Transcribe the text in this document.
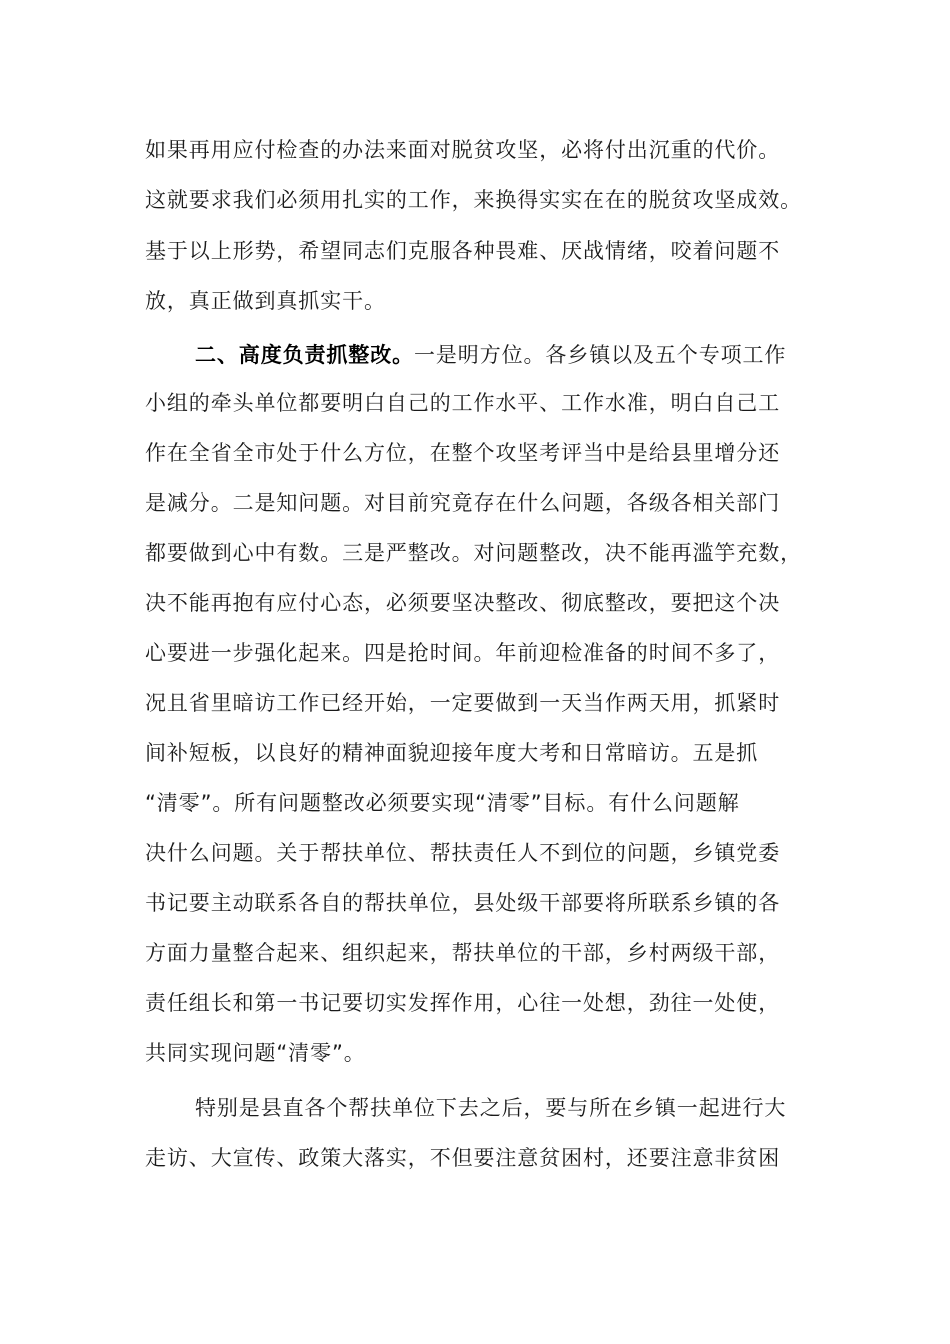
如果再用应付检查的办法来面对脱贫攻坚，必将付出沉重的代价。
这就要求我们必须用扎实的工作，来换得实实在在的脱贫攻坚成效。
基于以上形势，希望同志们克服各种畏难、厌战情绪，咬着问题不
放，真正做到真抓实干。
二、高度负责抓整改。一是明方位。各乡镇以及五个专项工作
小组的牵头单位都要明白自己的工作水平、工作水准，明白自己工
作在全省全市处于什么方位，在整个攻坚考评当中是给县里增分还
是减分。二是知问题。对目前究竟存在什么问题，各级各相关部门
都要做到心中有数。三是严整改。对问题整改，决不能再滥竽充数，
决不能再抱有应付心态，必须要坚决整改、彻底整改，要把这个决
心要进一步强化起来。四是抢时间。年前迎检准备的时间不多了，
况且省里暗访工作已经开始，一定要做到一天当作两天用，抓紧时
间补短板，以良好的精神面貌迎接年度大考和日常暗访。五是抓
“清零”。所有问题整改必须要实现“清零”目标。有什么问题解
决什么问题。关于帮扶单位、帮扶责任人不到位的问题，乡镇党委
书记要主动联系各自的帮扶单位，县处级干部要将所联系乡镇的各
方面力量整合起来、组织起来，帮扶单位的干部，乡村两级干部，
责任组长和第一书记要切实发挥作用，心往一处想，劲往一处使，
共同实现问题“清零”。
特别是县直各个帮扶单位下去之后，要与所在乡镇一起进行大
走访、大宣传、政策大落实，不但要注意贫困村，还要注意非贫困
